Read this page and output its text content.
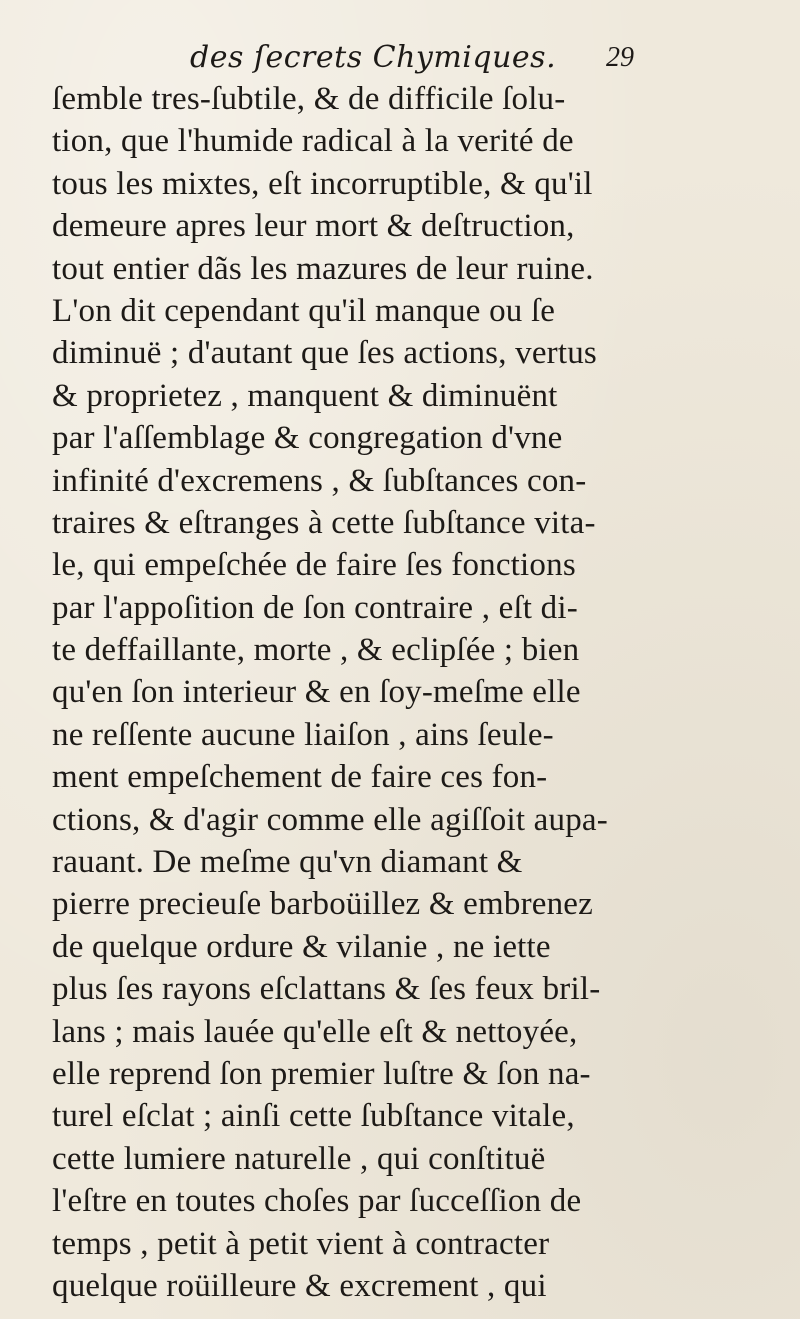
des ſecrets Chymiques. 29
ſemble tres-ſubtile, & de difficile ſolu-
tion, que l'humide radical à la verité de
tous les mixtes, eſt incorruptible, & qu'il
demeure apres leur mort & deſtruction,
tout entier dãs les mazures de leur ruine.
L'on dit cependant qu'il manque ou ſe
diminuë ; d'autant que ſes actions, vertus
& proprietez , manquent & diminuënt
par l'aſſemblage & congregation d'vne
infinité d'excremens , & ſubſtances con-
traires & eſtranges à cette ſubſtance vita-
le, qui empeſchée de faire ſes fonctions
par l'appoſition de ſon contraire , eſt di-
te deffaillante, morte , & eclipſée ; bien
qu'en ſon interieur & en ſoy-meſme elle
ne reſſente aucune liaiſon , ains ſeule-
ment empeſchement de faire ces fon-
ctions, & d'agir comme elle agiſſoit aupa-
rauant. De meſme qu'vn diamant &
pierre precieuſe barboüillez & embrenez
de quelque ordure & vilanie , ne iette
plus ſes rayons eſclattans & ſes feux bril-
lans ; mais lauée qu'elle eſt & nettoyée,
elle reprend ſon premier luſtre & ſon na-
turel eſclat ; ainſi cette ſubſtance vitale,
cette lumiere naturelle , qui conſtituë
l'eſtre en toutes choſes par ſucceſſion de
temps , petit à petit vient à contracter
quelque roüilleure & excrement , qui
